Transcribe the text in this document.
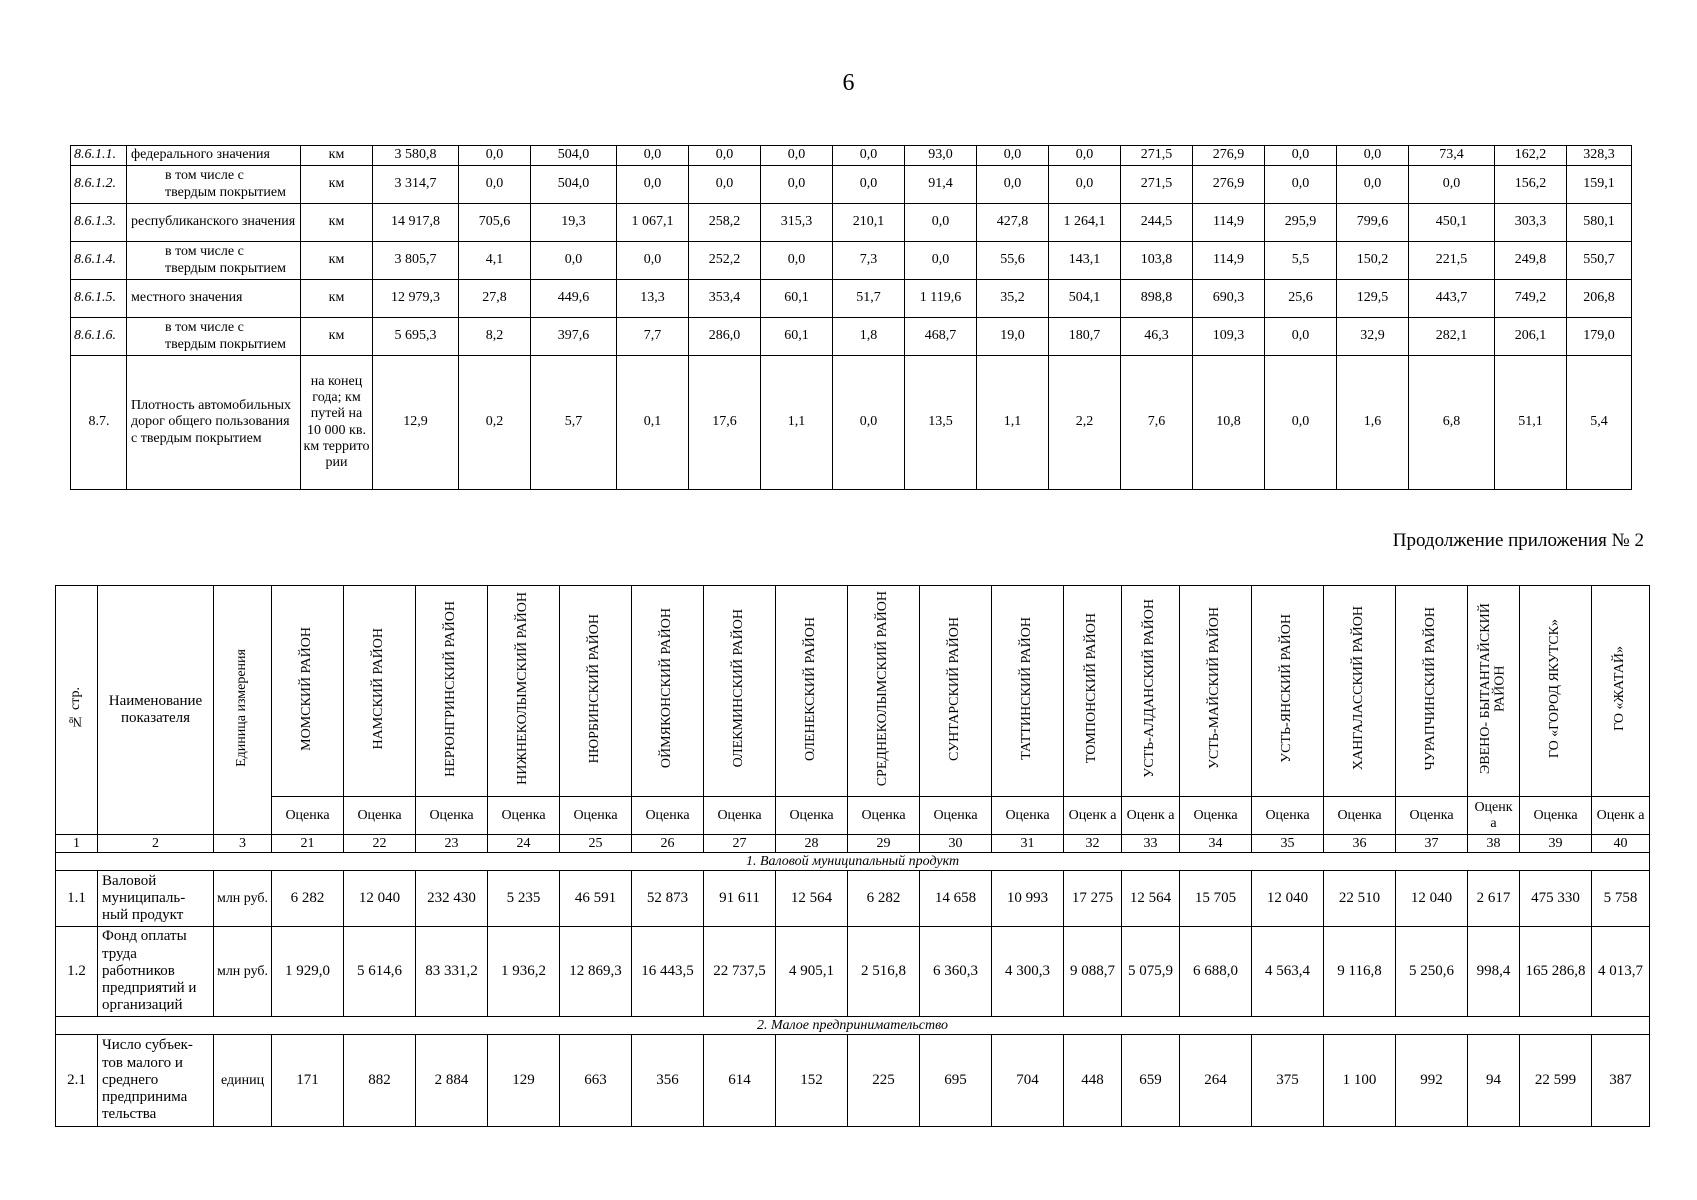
6
8.6.1.1.	федерального значения	км	3 580,8	0,0	504,0	0,0	0,0	0,0	0,0	93,0	0,0	0,0	271,5	276,9	0,0	0,0	73,4	162,2	328,3
8.6.1.2.	в том числе с твердым покрытием	км	3 314,7	0,0	504,0	0,0	0,0	0,0	0,0	91,4	0,0	0,0	271,5	276,9	0,0	0,0	0,0	156,2	159,1
8.6.1.3.	республиканского значения	км	14 917,8	705,6	19,3	1 067,1	258,2	315,3	210,1	0,0	427,8	1 264,1	244,5	114,9	295,9	799,6	450,1	303,3	580,1
8.6.1.4.	в том числе с твердым покрытием	км	3 805,7	4,1	0,0	0,0	252,2	0,0	7,3	0,0	55,6	143,1	103,8	114,9	5,5	150,2	221,5	249,8	550,7
8.6.1.5.	местного значения	км	12 979,3	27,8	449,6	13,3	353,4	60,1	51,7	1 119,6	35,2	504,1	898,8	690,3	25,6	129,5	443,7	749,2	206,8
8.6.1.6.	в том числе с твердым покрытием	км	5 695,3	8,2	397,6	7,7	286,0	60,1	1,8	468,7	19,0	180,7	46,3	109,3	0,0	32,9	282,1	206,1	179,0
8.7.	Плотность автомобильных дорог общего пользования с твердым покрытием	на конец года; км путей на 10 000 кв. км террито рии	12,9	0,2	5,7	0,1	17,6	1,1	0,0	13,5	1,1	2,2	7,6	10,8	0,0	1,6	6,8	51,1	5,4
Продолжение приложения № 2
№ стр.	Наименование показателя	Единица измерения	МОМСКИЙ РАЙОН	НАМСКИЙ РАЙОН	НЕРЮНГРИНСКИЙ РАЙОН	НИЖНЕКОЛЫМСКИЙ РАЙОН	НЮРБИНСКИЙ РАЙОН	ОЙМЯКОНСКИЙ РАЙОН	ОЛЕКМИНСКИЙ РАЙОН	ОЛЕНЕКСКИЙ РАЙОН	СРЕДНЕКОЛЫМСКИЙ РАЙОН	СУНТАРСКИЙ РАЙОН	ТАТТИНСКИЙ РАЙОН	ТОМПОНСКИЙ РАЙОН	УСТЬ-АЛДАНСКИЙ РАЙОН	УСТЬ-МАЙСКИЙ РАЙОН	УСТЬ-ЯНСКИЙ РАЙОН	ХАНГАЛАССКИЙ РАЙОН	ЧУРАПЧИНСКИЙ РАЙОН	ЭВЕНО- БЫТАНТАЙСКИЙ РАЙОН	ГО «ГОРОД ЯКУТСК»	ГО «ЖАТАЙ»
			Оценка	Оценка	Оценка	Оценка	Оценка	Оценка	Оценка	Оценка	Оценка	Оценка	Оценка	Оценк а	Оценк а	Оценка	Оценка	Оценка	Оценка	Оценк а	Оценка	Оценк а
1	2	3	21	22	23	24	25	26	27	28	29	30	31	32	33	34	35	36	37	38	39	40
1. Валовой муниципальный продукт																						
1.1	Валовой муниципаль-ный продукт	млн руб.	6 282	12 040	232 430	5 235	46 591	52 873	91 611	12 564	6 282	14 658	10 993	17 275	12 564	15 705	12 040	22 510	12 040	2 617	475 330	5 758
1.2	Фонд оплаты труда работников предприятий и организаций	млн руб.	1 929,0	5 614,6	83 331,2	1 936,2	12 869,3	16 443,5	22 737,5	4 905,1	2 516,8	6 360,3	4 300,3	9 088,7	5 075,9	6 688,0	4 563,4	9 116,8	5 250,6	998,4	165 286,8	4 013,7
2. Малое предпринимательство																						
2.1	Число субъек-тов малого и среднего предпринима тельства	единиц	171	882	2 884	129	663	356	614	152	225	695	704	448	659	264	375	1 100	992	94	22 599	387
